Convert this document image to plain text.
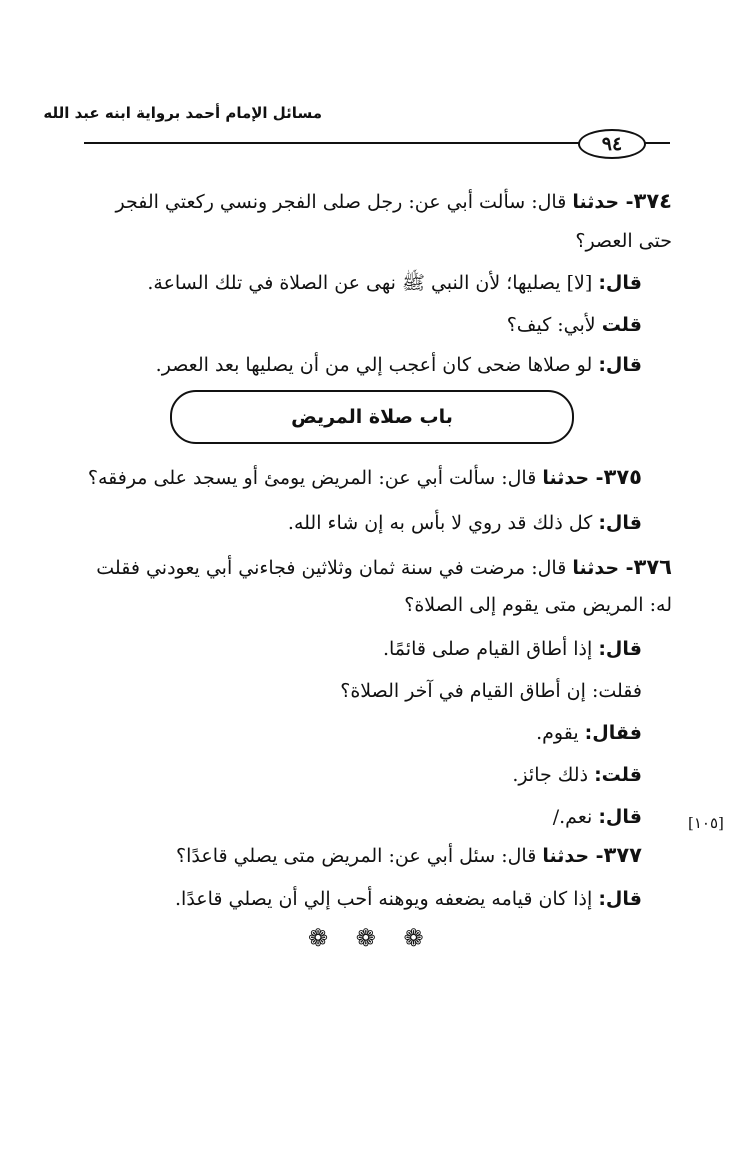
مسائل الإمام أحمد برواية ابنه عبد الله
٩٤
٣٧٤- حدثنا قال: سألت أبي عن: رجل صلى الفجر ونسي ركعتي الفجر
حتى العصر؟
قال: [لا] يصليها؛ لأن النبي ﷺ نهى عن الصلاة في تلك الساعة.
قلت لأبي: كيف؟
قال: لو صلاها ضحى كان أعجب إلي من أن يصليها بعد العصر.
باب صلاة المريض
٣٧٥- حدثنا قال: سألت أبي عن: المريض يومئ أو يسجد على مرفقه؟
قال: كل ذلك قد روي لا بأس به إن شاء الله.
٣٧٦- حدثنا قال: مرضت في سنة ثمان وثلاثين فجاءني أبي يعودني فقلت
له: المريض متى يقوم إلى الصلاة؟
قال: إذا أطاق القيام صلى قائمًا.
فقلت: إن أطاق القيام في آخر الصلاة؟
فقال: يقوم.
قلت: ذلك جائز.
قال: نعم./	[١٠٥]
٣٧٧- حدثنا قال: سئل أبي عن: المريض متى يصلي قاعدًا؟
قال: إذا كان قيامه يضعفه ويوهنه أحب إلي أن يصلي قاعدًا.
❁ ❁ ❁
